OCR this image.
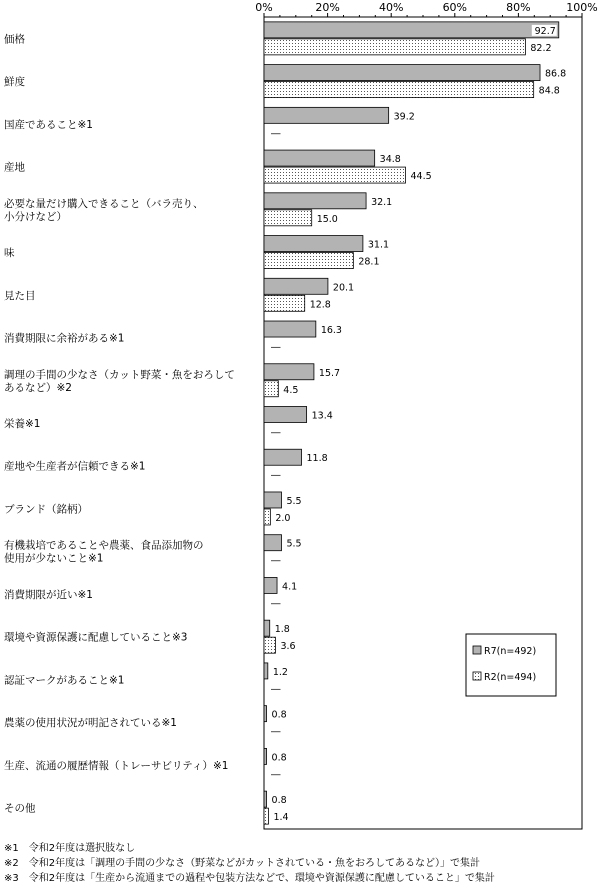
0%	20%	40%	60%	80%	100%
92.7
82.2
86.8
84.8
39.2
―
34.8
44.5
32.1
15.0
31.1
28.1
20.1
12.8
16.3
―
15.7
4.5
13.4
―
11.8
―
5.5
2.0
5.5
―
4.1
―
1.8
3.6
1.2
―
0.8
―
0.8
―
0.8
1.4
価格
鮮度
国産であること※1
産地
必要な量だけ購入できること（バラ売り、
小分けなど）
味
見た目
消費期限に余裕がある※1
調理の手間の少なさ（カット野菜・魚をおろして
あるなど）※2
栄養※1
産地や生産者が信頼できる※1
ブランド（銘柄）
有機栽培であることや農薬、食品添加物の
使用が少ないこと※1
消費期限が近い※1
環境や資源保護に配慮していること※3
認証マークがあること※1
農薬の使用状況が明記されている※1
生産、流通の履歴情報（トレーサビリティ）※1
その他
R7(n=492)
R2(n=494)
※1　令和2年度は選択肢なし
※2　令和2年度は「調理の手間の少なさ（野菜などがカットされている・魚をおろしてあるなど）」で集計
※3　令和2年度は「生産から流通までの過程や包装方法などで、環境や資源保護に配慮していること」で集計
